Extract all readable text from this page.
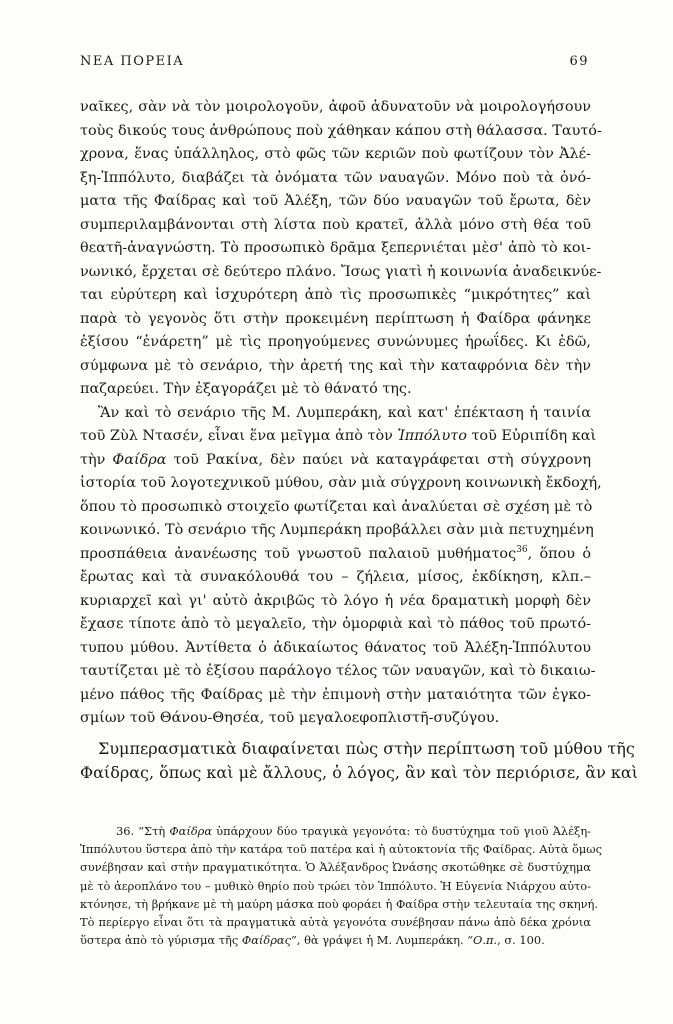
ΝΕΑ ΠΟΡΕΙΑ	69
ναῖκες, σὰν νὰ τὸν μοιρολογοῦν, ἀφοῦ ἀδυνατοῦν νὰ μοιρολογήσουν
τοὺς δικούς τους ἀνθρώπους ποὺ χάθηκαν κάπου στὴ θάλασσα. Ταυτό-
χρονα, ἕνας ὑπάλληλος, στὸ φῶς τῶν κεριῶν ποὺ φωτίζουν τὸν Ἀλέ-
ξη-Ἱππόλυτο, διαβάζει τὰ ὀνόματα τῶν ναυαγῶν. Μόνο ποὺ τὰ ὀνό-
ματα τῆς Φαίδρας καὶ τοῦ Ἀλέξη, τῶν δύο ναυαγῶν τοῦ ἔρωτα, δὲν
συμπεριλαμβάνονται στὴ λίστα ποὺ κρατεῖ, ἀλλὰ μόνο στὴ θέα τοῦ
θεατῆ-ἀναγνώστη. Τὸ προσωπικὸ δρᾶμα ξεπερνιέται μὲσ' ἀπὸ τὸ κοι-
νωνικό, ἔρχεται σὲ δεύτερο πλάνο. Ἴσως γιατὶ ἡ κοινωνία ἀναδεικνύε-
ται εὐρύτερη καὶ ἰσχυρότερη ἀπὸ τὶς προσωπικὲς “μικρότητες” καὶ
παρὰ τὸ γεγονὸς ὅτι στὴν προκειμένη περίπτωση ἡ Φαίδρα φάνηκε
ἐξίσου “ἐνάρετη” μὲ τὶς προηγούμενες συνώνυμες ἡρωΐδες. Κι ἐδῶ,
σύμφωνα μὲ τὸ σενάριο, τὴν ἀρετή της καὶ τὴν καταφρόνια δὲν τὴν
παζαρεύει. Τὴν ἐξαγοράζει μὲ τὸ θάνατό της.
Ἂν καὶ τὸ σενάριο τῆς Μ. Λυμπεράκη, καὶ κατ' ἐπέκταση ἡ ταινία
τοῦ Ζὺλ Ντασέν, εἶναι ἕνα μεῖγμα ἀπὸ τὸν Ἱππόλυτο τοῦ Εὐριπίδη καὶ
τὴν Φαίδρα τοῦ Ρακίνα, δὲν παύει νὰ καταγράφεται στὴ σύγχρονη
ἱστορία τοῦ λογοτεχνικοῦ μύθου, σὰν μιὰ σύγχρονη κοινωνικὴ ἔκδοχή,
ὅπου τὸ προσωπικὸ στοιχεῖο φωτίζεται καὶ ἀναλύεται σὲ σχέση μὲ τὸ
κοινωνικό. Τὸ σενάριο τῆς Λυμπεράκη προβάλλει σὰν μιὰ πετυχημένη
προσπάθεια ἀνανέωσης τοῦ γνωστοῦ παλαιοῦ μυθήματος$^{36}$, ὅπου ὁ
ἔρωτας καὶ τὰ συνακόλουθά του – ζήλεια, μίσος, ἐκδίκηση, κλπ.–
κυριαρχεῖ καὶ γι' αὐτὸ ἀκριβῶς τὸ λόγο ἡ νέα δραματικὴ μορφὴ δὲν
ἔχασε τίποτε ἀπὸ τὸ μεγαλεῖο, τὴν ὀμορφιὰ καὶ τὸ πάθος τοῦ πρωτό-
τυπου μύθου. Ἀντίθετα ὁ ἀδικαίωτος θάνατος τοῦ Ἀλέξη-Ἱππόλυτου
ταυτίζεται μὲ τὸ ἐξίσου παράλογο τέλος τῶν ναυαγῶν, καὶ τὸ δικαιω-
μένο πάθος τῆς Φαίδρας μὲ τὴν ἐπιμονὴ στὴν ματαιότητα τῶν ἐγκο-
σμίων τοῦ Θάνου-Θησέα, τοῦ μεγαλοεφοπλιστῆ-συζύγου.
Συμπερασματικὰ διαφαίνεται πὼς στὴν περίπτωση τοῦ μύθου τῆς
Φαίδρας, ὅπως καὶ μὲ ἄλλους, ὁ λόγος, ἂν καὶ τὸν περιόρισε, ἂν καὶ
36. “Στὴ Φαίδρα ὑπάρχουν δύο τραγικὰ γεγονότα: τὸ δυστύχημα τοῦ γιοῦ Ἀλέξη-
Ἱππόλυτου ὕστερα ἀπὸ τὴν κατάρα τοῦ πατέρα καὶ ἡ αὐτοκτονία τῆς Φαίδρας. Αὐτὰ ὅμως
συνέβησαν καὶ στὴν πραγματικότητα. Ὁ Ἀλέξανδρος Ὠνάσης σκοτώθηκε σὲ δυστύχημα
μὲ τὸ ἀεροπλάνο του – μυθικὸ θηρίο ποὺ τρώει τὸν Ἱππόλυτο. Ἡ Εὐγενία Νιάρχου αὐτο-
κτόνησε, τὴ βρήκανε μὲ τὴ μαύρη μάσκα ποὺ φοράει ἡ Φαίδρα στὴν τελευταία της σκηνή.
Τὸ περίεργο εἶναι ὅτι τὰ πραγματικὰ αὐτὰ γεγονότα συνέβησαν πάνω ἀπὸ δέκα χρόνια
ὕστερα ἀπὸ τὸ γύρισμα τῆς Φαίδρας”, θὰ γράψει ἡ Μ. Λυμπεράκη. “Ο.π., σ. 100.
